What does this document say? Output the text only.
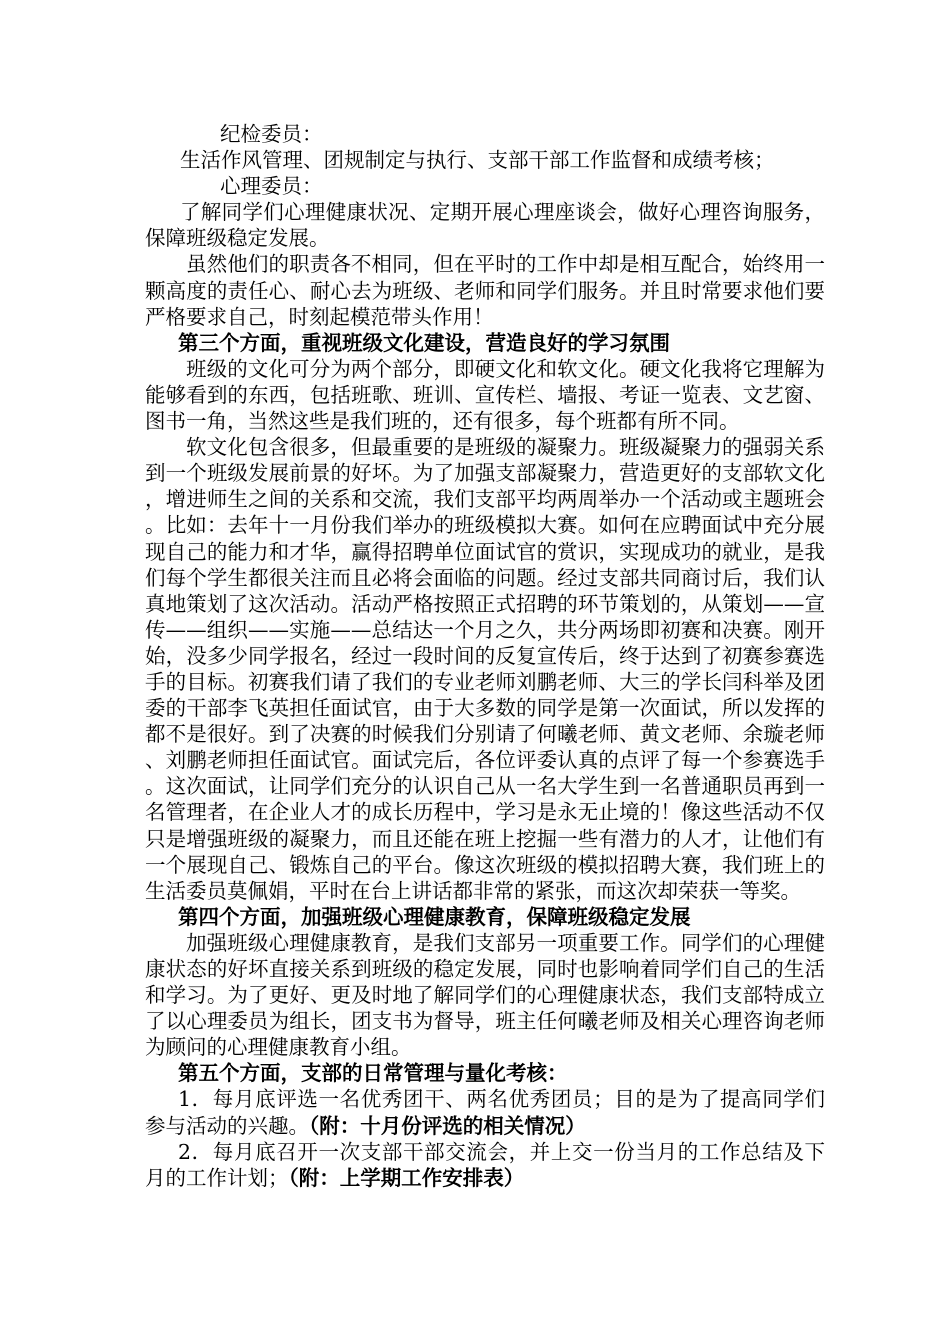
纪检委员：

生活作风管理、团规制定与执行、支部干部工作监督和成绩考核；

心理委员：

了解同学们心理健康状况、定期开展心理座谈会，做好心理咨询服务，保障班级稳定发展。

虽然他们的职责各不相同，但在平时的工作中却是相互配合，始终用一颗高度的责任心、耐心去为班级、老师和同学们服务。并且时常要求他们要严格要求自己，时刻起模范带头作用！

第三个方面，重视班级文化建设，营造良好的学习氛围

班级的文化可分为两个部分，即硬文化和软文化。硬文化我将它理解为能够看到的东西，包括班歌、班训、宣传栏、墙报、考证一览表、文艺窗、图书一角，当然这些是我们班的，还有很多，每个班都有所不同。

软文化包含很多，但最重要的是班级的凝聚力。班级凝聚力的强弱关系到一个班级发展前景的好坏。为了加强支部凝聚力，营造更好的支部软文化，增进师生之间的关系和交流，我们支部平均两周举办一个活动或主题班会。比如：去年十一月份我们举办的班级模拟大赛。如何在应聘面试中充分展现自己的能力和才华，赢得招聘单位面试官的赏识，实现成功的就业，是我们每个学生都很关注而且必将会面临的问题。经过支部共同商讨后，我们认真地策划了这次活动。活动严格按照正式招聘的环节策划的，从策划——宣传——组织——实施——总结达一个月之久，共分两场即初赛和决赛。刚开始，没多少同学报名，经过一段时间的反复宣传后，终于达到了初赛参赛选手的目标。初赛我们请了我们的专业老师刘鹏老师、大三的学长闫科举及团委的干部李飞英担任面试官，由于大多数的同学是第一次面试，所以发挥的都不是很好。到了决赛的时候我们分别请了何曦老师、黄文老师、余璇老师、刘鹏老师担任面试官。面试完后，各位评委认真的点评了每一个参赛选手。这次面试，让同学们充分的认识自己从一名大学生到一名普通职员再到一名管理者，在企业人才的成长历程中，学习是永无止境的！像这些活动不仅只是增强班级的凝聚力，而且还能在班上挖掘一些有潜力的人才，让他们有一个展现自己、锻炼自己的平台。像这次班级的模拟招聘大赛，我们班上的生活委员莫佩娟，平时在台上讲话都非常的紧张，而这次却荣获一等奖。

第四个方面，加强班级心理健康教育，保障班级稳定发展

加强班级心理健康教育，是我们支部另一项重要工作。同学们的心理健康状态的好坏直接关系到班级的稳定发展，同时也影响着同学们自己的生活和学习。为了更好、更及时地了解同学们的心理健康状态，我们支部特成立了以心理委员为组长，团支书为督导，班主任何曦老师及相关心理咨询老师为顾问的心理健康教育小组。

第五个方面，支部的日常管理与量化考核：

1．每月底评选一名优秀团干、两名优秀团员；目的是为了提高同学们参与活动的兴趣。（附：十月份评选的相关情况）

2．每月底召开一次支部干部交流会，并上交一份当月的工作总结及下月的工作计划；（附：上学期工作安排表）
